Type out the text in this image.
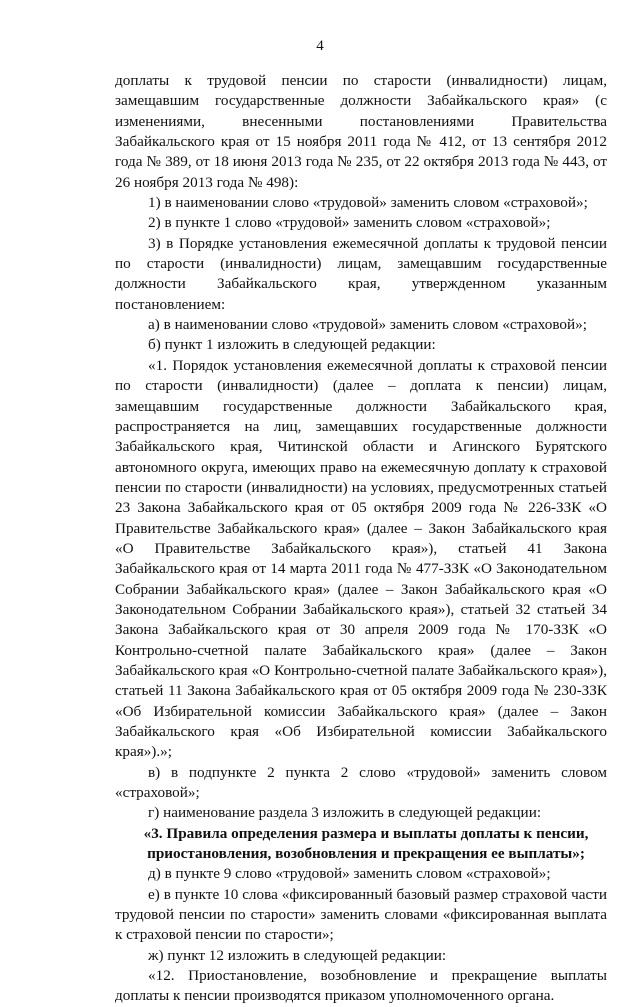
4

доплаты к трудовой пенсии по старости (инвалидности) лицам, замещавшим государственные должности Забайкальского края» (с изменениями, внесенными постановлениями Правительства Забайкальского края от 15 ноября 2011 года № 412, от 13 сентября 2012 года № 389, от 18 июня 2013 года № 235, от 22 октября 2013 года № 443, от 26 ноября 2013 года № 498):

1) в наименовании слово «трудовой» заменить словом «страховой»;

2) в пункте 1 слово «трудовой» заменить словом «страховой»;

3) в Порядке установления ежемесячной доплаты к трудовой пенсии по старости (инвалидности) лицам, замещавшим государственные должности Забайкальского края, утвержденном указанным постановлением:

а) в наименовании слово «трудовой» заменить словом «страховой»;

б) пункт 1 изложить в следующей редакции:

«1. Порядок установления ежемесячной доплаты к страховой пенсии по старости (инвалидности) (далее – доплата к пенсии) лицам, замещавшим государственные должности Забайкальского края, распространяется на лиц, замещавших государственные должности Забайкальского края, Читинской области и Агинского Бурятского автономного округа, имеющих право на ежемесячную доплату к страховой пенсии по старости (инвалидности) на условиях, предусмотренных статьей 23 Закона Забайкальского края от 05 октября 2009 года № 226-ЗЗК «О Правительстве Забайкальского края» (далее – Закон Забайкальского края «О Правительстве Забайкальского края»), статьей 41 Закона Забайкальского края от 14 марта 2011 года № 477-ЗЗК «О Законодательном Собрании Забайкальского края» (далее – Закон Забайкальского края «О Законодательном Собрании Забайкальского края»), статьей 32 статьей 34 Закона Забайкальского края от 30 апреля 2009 года № 170-ЗЗК «О Контрольно-счетной палате Забайкальского края» (далее – Закон Забайкальского края «О Контрольно-счетной палате Забайкальского края»), статьей 11 Закона Забайкальского края от 05 октября 2009 года № 230-ЗЗК «Об Избирательной комиссии Забайкальского края» (далее – Закон Забайкальского края «Об Избирательной комиссии Забайкальского края»).»;

в) в подпункте 2 пункта 2 слово «трудовой» заменить словом «страховой»;

г) наименование раздела 3 изложить в следующей редакции:

«3. Правила определения размера и выплаты доплаты к пенсии, приостановления, возобновления и прекращения ее выплаты»;

д) в пункте 9 слово «трудовой» заменить словом «страховой»;

е) в пункте 10 слова «фиксированный базовый размер страховой части трудовой пенсии по старости» заменить словами «фиксированная выплата к страховой пенсии по старости»;

ж) пункт 12 изложить в следующей редакции:

«12. Приостановление, возобновление и прекращение выплаты доплаты к пенсии производятся приказом уполномоченного органа.
